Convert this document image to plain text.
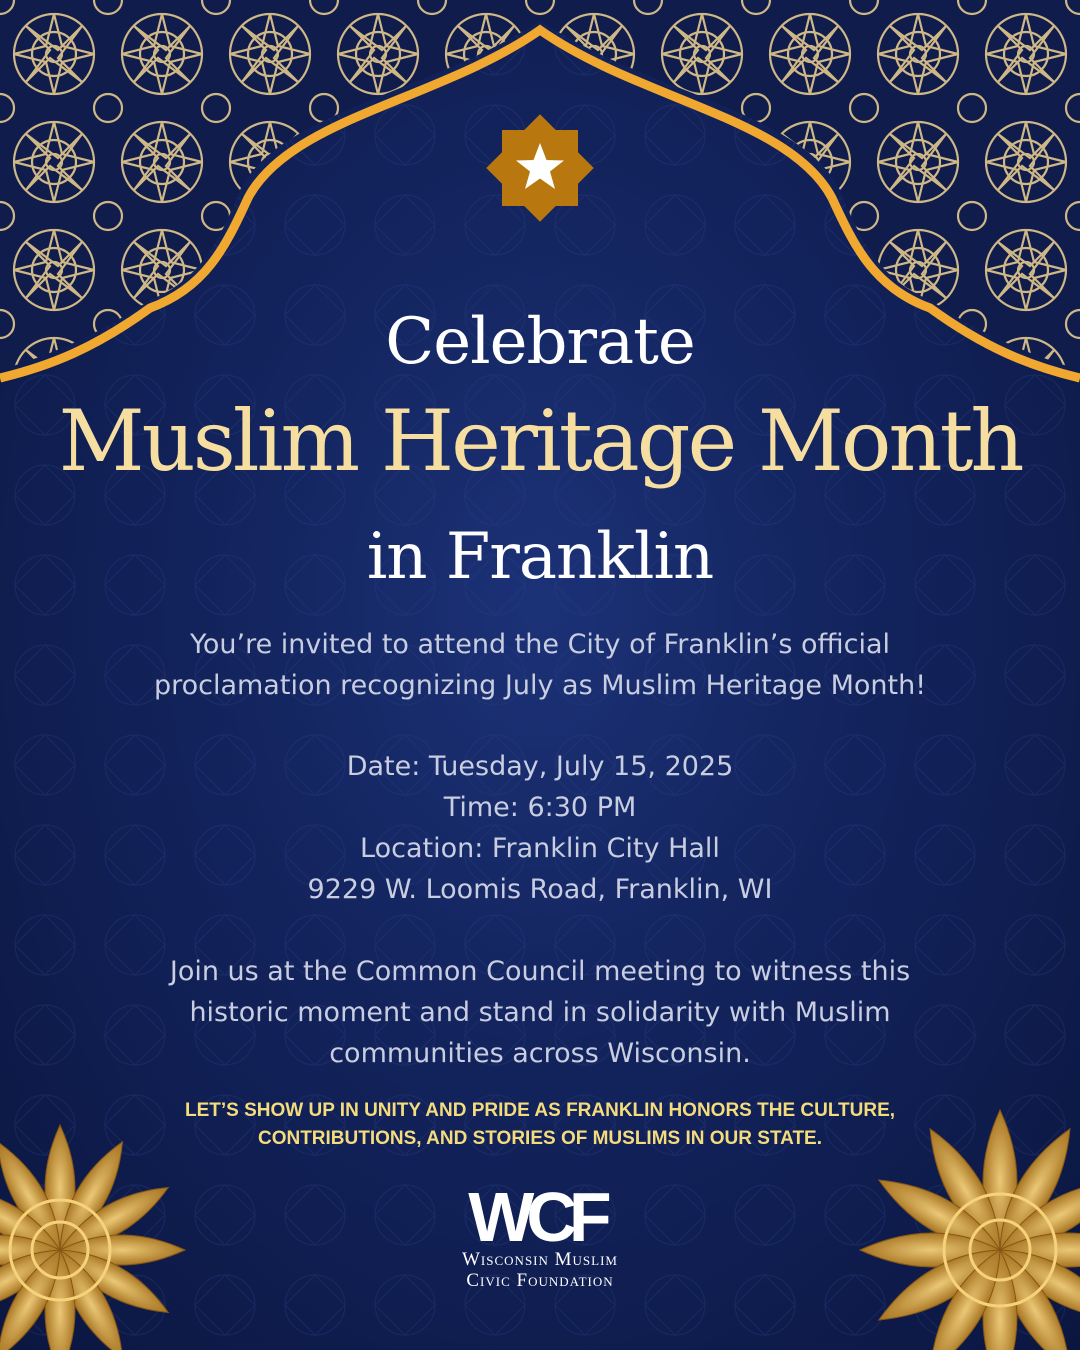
Celebrate
Muslim Heritage Month
in Franklin
You’re invited to attend the City of Franklin’s official
proclamation recognizing July as Muslim Heritage Month!
Date: Tuesday, July 15, 2025
Time: 6:30 PM
Location: Franklin City Hall
9229 W. Loomis Road, Franklin, WI
Join us at the Common Council meeting to witness this
historic moment and stand in solidarity with Muslim
communities across Wisconsin.
LET’S SHOW UP IN UNITY AND PRIDE AS FRANKLIN HONORS THE CULTURE,
CONTRIBUTIONS, AND STORIES OF MUSLIMS IN OUR STATE.
WCF
Wisconsin Muslim
Civic Foundation
